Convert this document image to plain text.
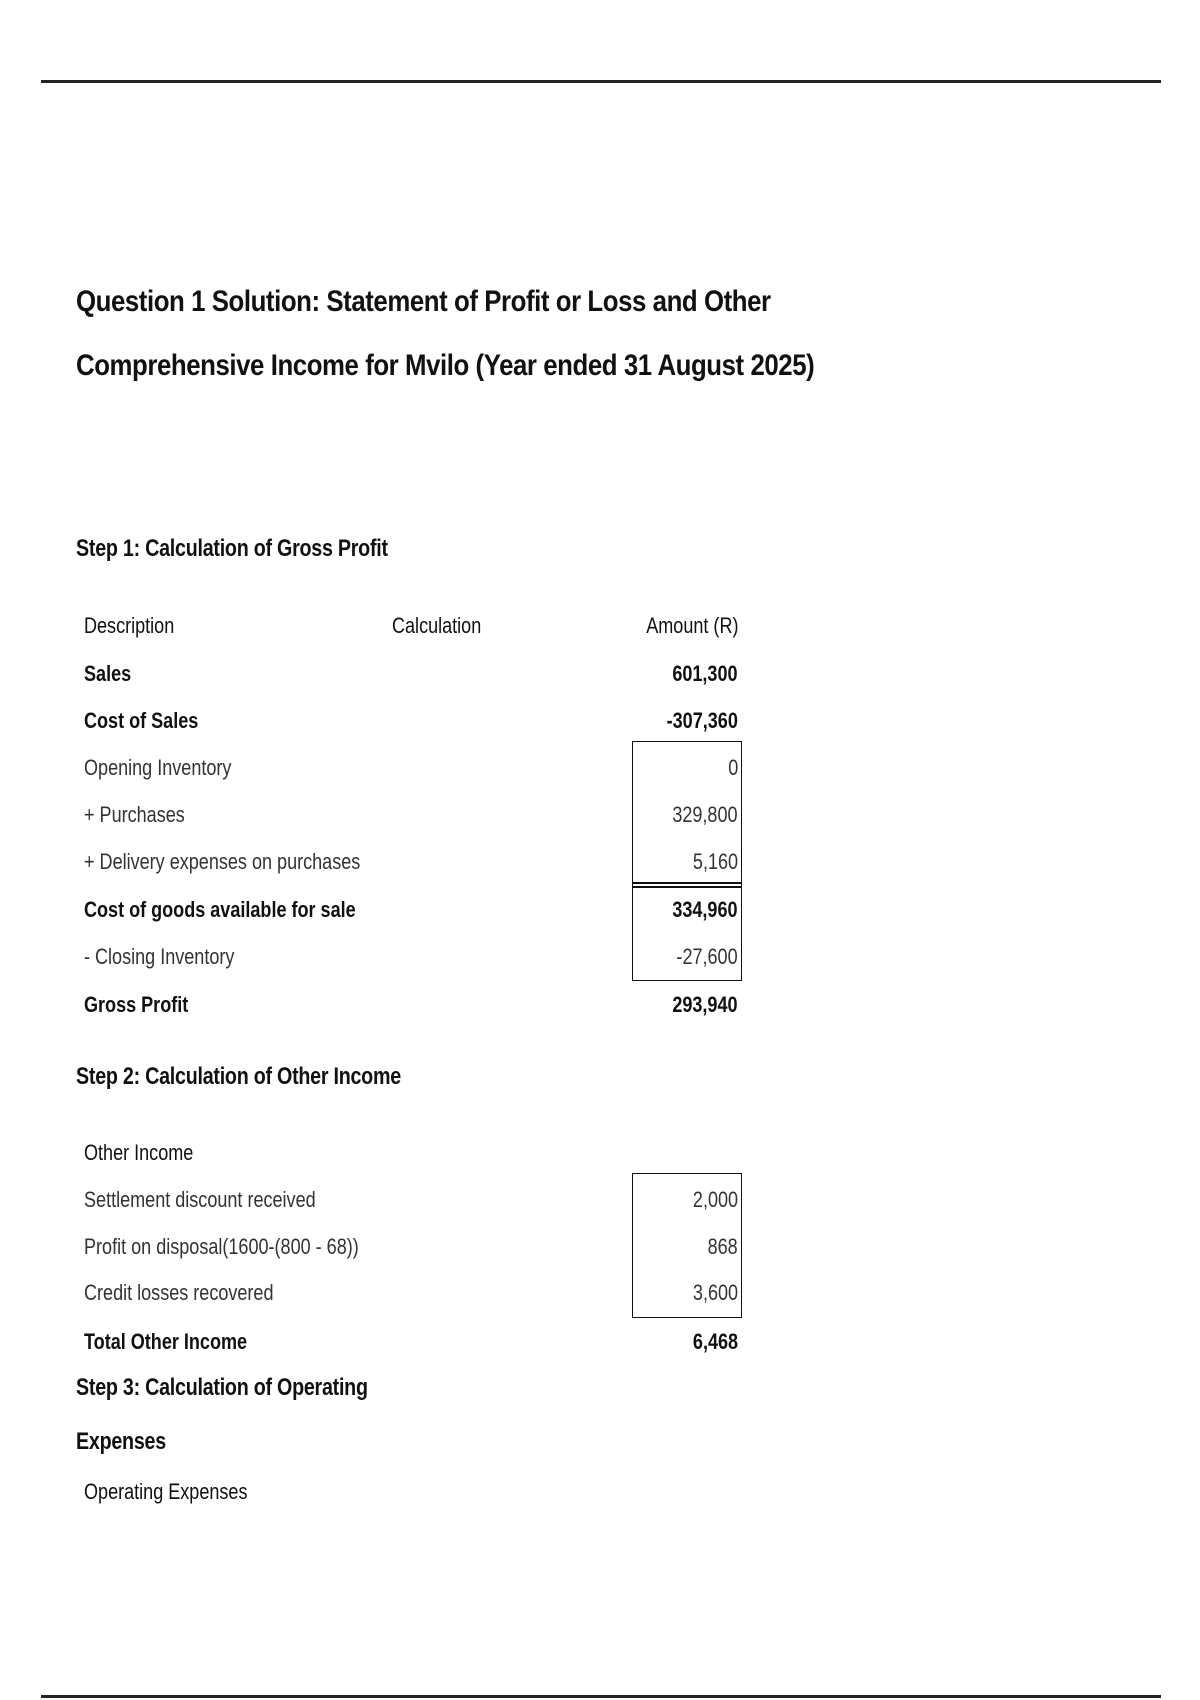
Question 1 Solution: Statement of Profit or Loss and Other
Comprehensive Income for Mvilo (Year ended 31 August 2025)
Step 1: Calculation of Gross Profit
Description	Calculation	Amount (R)
Sales	601,300
Cost of Sales	-307,360
Opening Inventory	0
+ Purchases	329,800
+ Delivery expenses on purchases	5,160
Cost of goods available for sale	334,960
- Closing Inventory	-27,600
Gross Profit	293,940
Step 2: Calculation of Other Income
Other Income
Settlement discount received	2,000
Profit on disposal(1600-(800 - 68))	868
Credit losses recovered	3,600
Total Other Income	6,468
Step 3: Calculation of Operating
Expenses
Operating Expenses
